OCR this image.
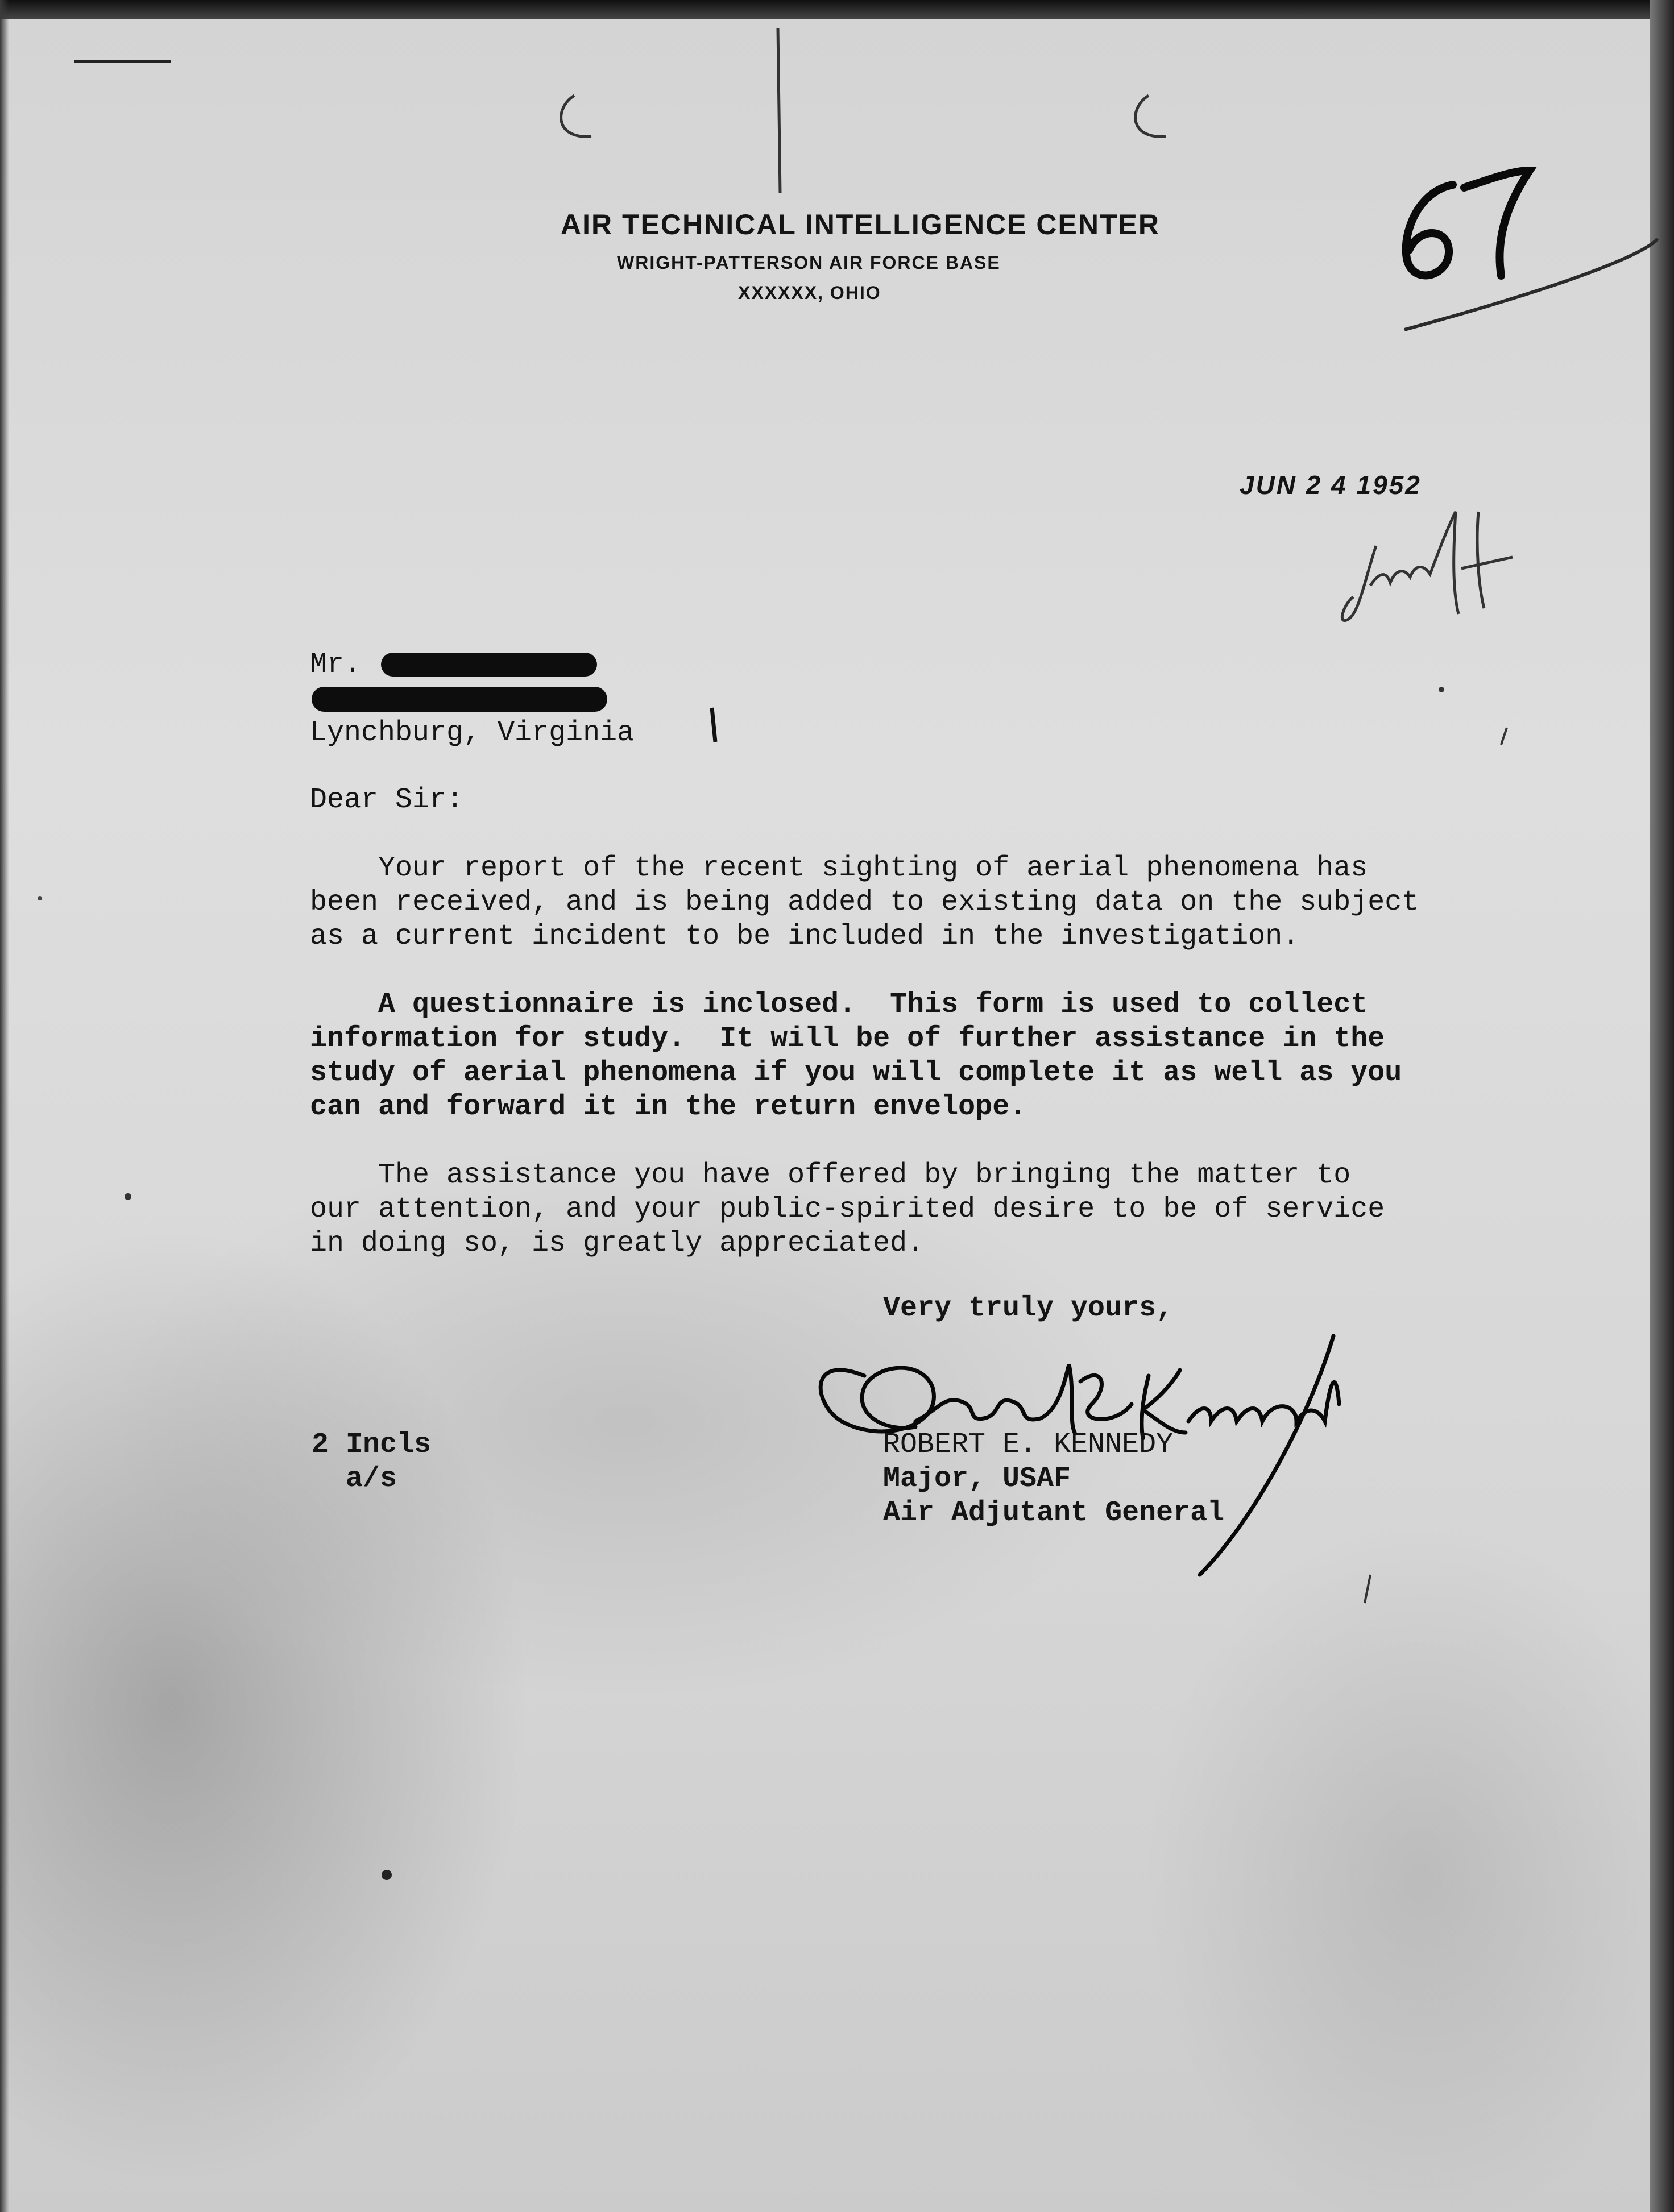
AIR TECHNICAL INTELLIGENCE CENTER
WRIGHT-PATTERSON AIR FORCE BASE
XXXXXX, OHIO
JUN 2 4 1952
Mr.
Lynchburg, Virginia
Dear Sir:
Your report of the recent sighting of aerial phenomena has
been received, and is being added to existing data on the subject
as a current incident to be included in the investigation.
A questionnaire is inclosed.  This form is used to collect
information for study.  It will be of further assistance in the
study of aerial phenomena if you will complete it as well as you
can and forward it in the return envelope.
The assistance you have offered by bringing the matter to
our attention, and your public-spirited desire to be of service
in doing so, is greatly appreciated.
Very truly yours,
ROBERT E. KENNEDY
Major, USAF
Air Adjutant General
2 Incls
a/s
